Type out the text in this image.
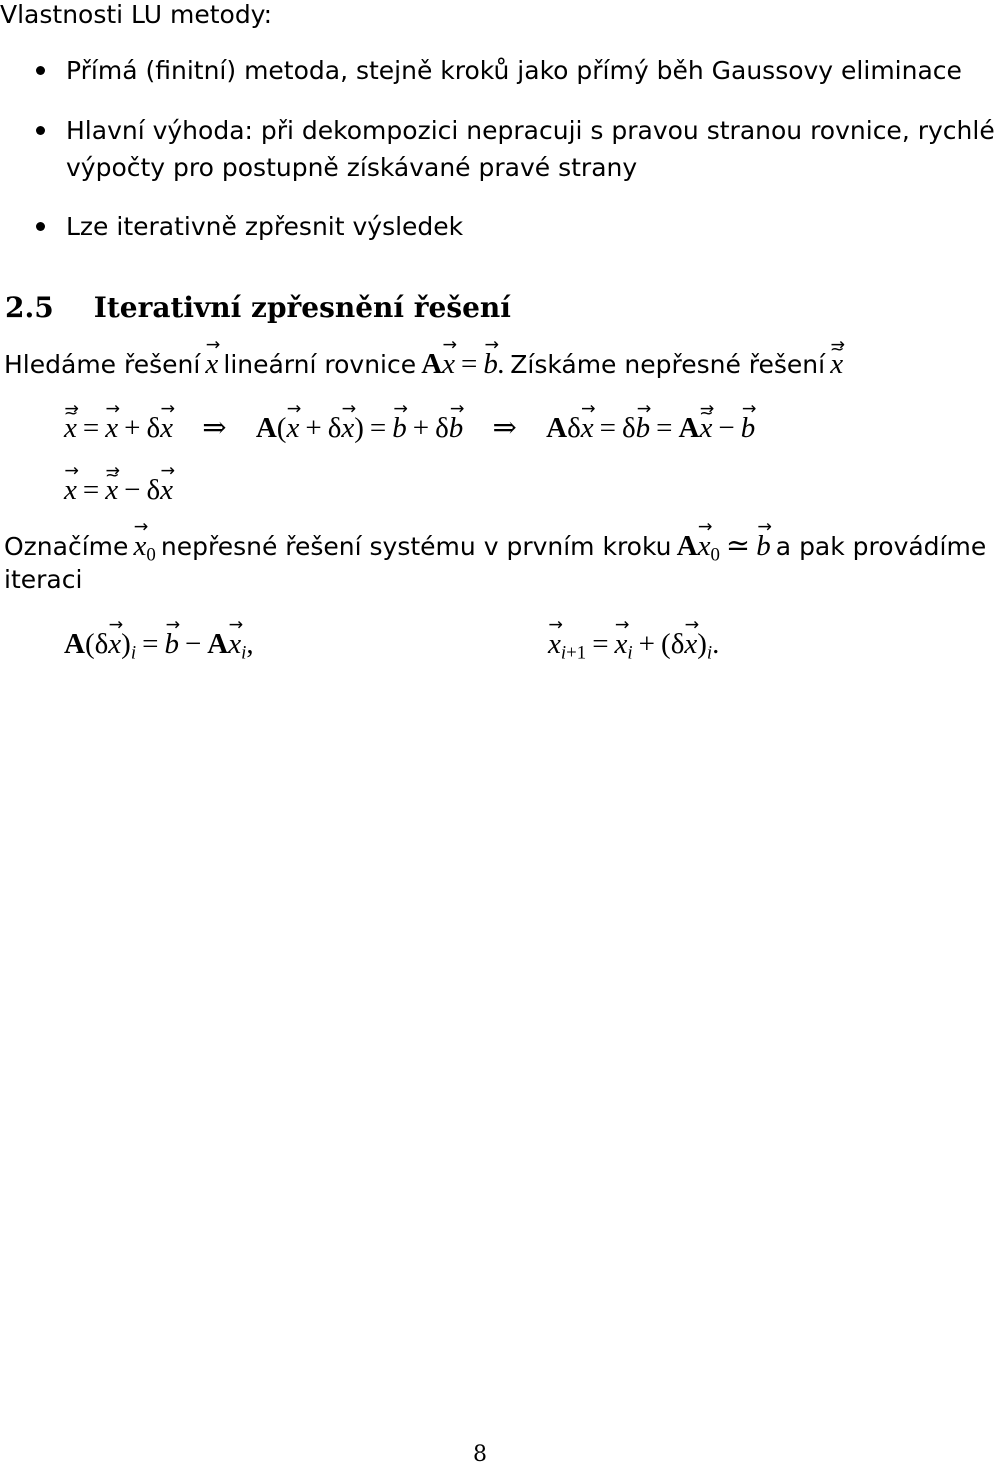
Vlastnosti LU metody:
Přímá (finitní) metoda, stejně kroků jako přímý běh Gaussovy eliminace
Hlavní výhoda: při dekompozici nepracuji s pravou stranou rovnice, rychlé
výpočty pro postupně získávané pravé strany
Lze iterativně zpřesnit výsledek
2.5 Iterativní zpřesnění řešení
Hledáme řešení → x lineární rovnice A→ x =→ b. Získáme nepřesné řešení → x ~
→ x ~ =→ x + δ→ x ⇒ A(→ x + δ→ x) =→ b + δ→ b ⇒ Aδ→ x = δ→ b = A→ x ~ −→ b
→ x =→ x ~ − δ→ x
Označíme → $x_0$ nepřesné řešení systému v prvním kroku $A\to x_0$ ≃→ b a pak provádíme
iteraci
$A(\delta\to x)_i =\to b - A\to x_i$,
→	$x_{i+1} =\to x_i + (\delta\to x)_i$.
8
